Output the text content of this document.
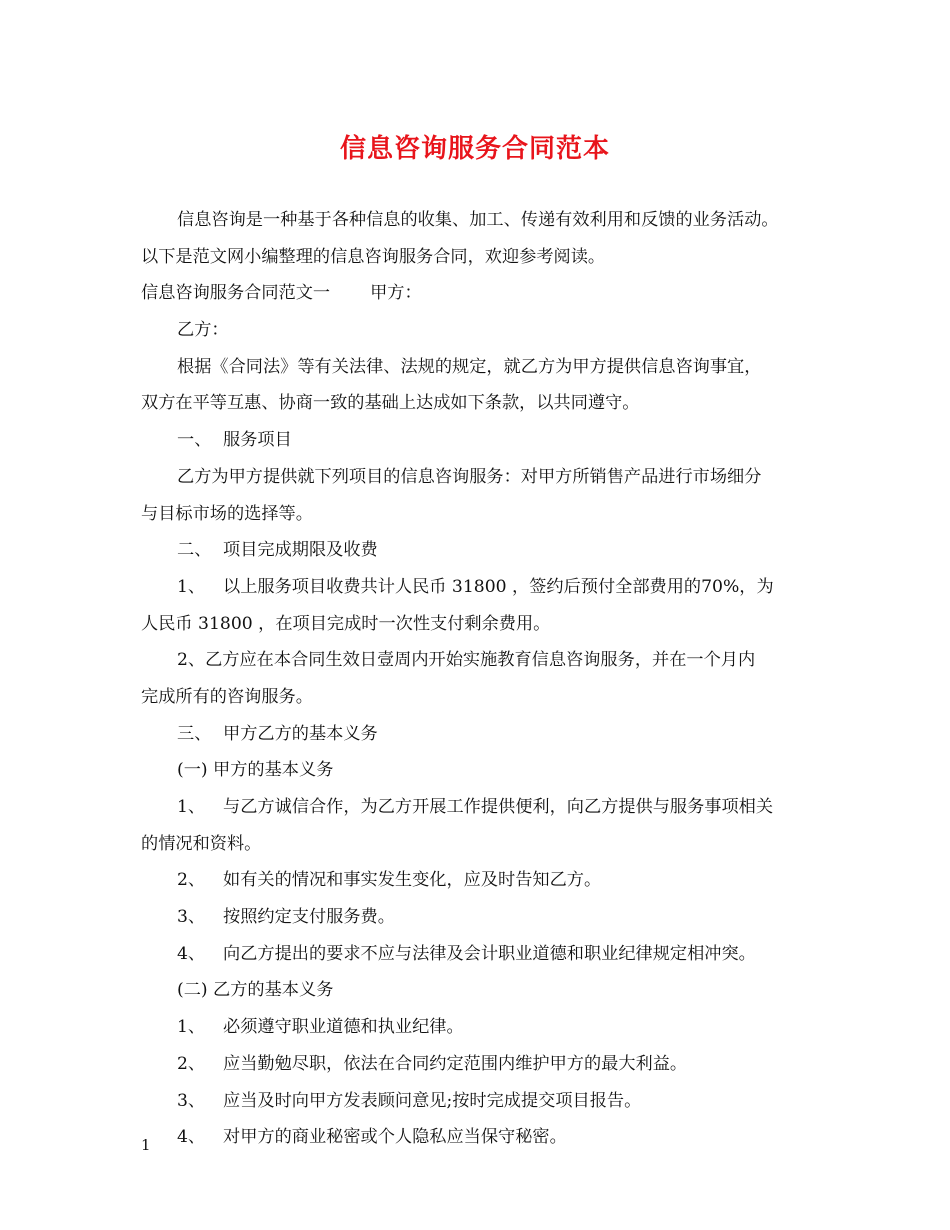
信息咨询服务合同范本
信息咨询是一种基于各种信息的收集、加工、传递有效利用和反馈的业务活动。
以下是范文网小编整理的信息咨询服务合同，欢迎参考阅读。
信息咨询服务合同范文一 甲方：
乙方：
根据《合同法》等有关法律、法规的规定，就乙方为甲方提供信息咨询事宜，
双方在平等互惠、协商一致的基础上达成如下条款，以共同遵守。
一、 服务项目
乙方为甲方提供就下列项目的信息咨询服务：对甲方所销售产品进行市场细分
与目标市场的选择等。
二、 项目完成期限及收费
1、 以上服务项目收费共计人民币 31800 ，签约后预付全部费用的70%，为
人民币 31800 ，在项目完成时一次性支付剩余费用。
2、乙方应在本合同生效日壹周内开始实施教育信息咨询服务，并在一个月内
完成所有的咨询服务。
三、 甲方乙方的基本义务
(一) 甲方的基本义务
1、 与乙方诚信合作，为乙方开展工作提供便利，向乙方提供与服务事项相关
的情况和资料。
2、 如有关的情况和事实发生变化，应及时告知乙方。
3、 按照约定支付服务费。
4、 向乙方提出的要求不应与法律及会计职业道德和职业纪律规定相冲突。
(二) 乙方的基本义务
1、 必须遵守职业道德和执业纪律。
2、 应当勤勉尽职，依法在合同约定范围内维护甲方的最大利益。
3、 应当及时向甲方发表顾问意见;按时完成提交项目报告。
4、 对甲方的商业秘密或个人隐私应当保守秘密。
1
